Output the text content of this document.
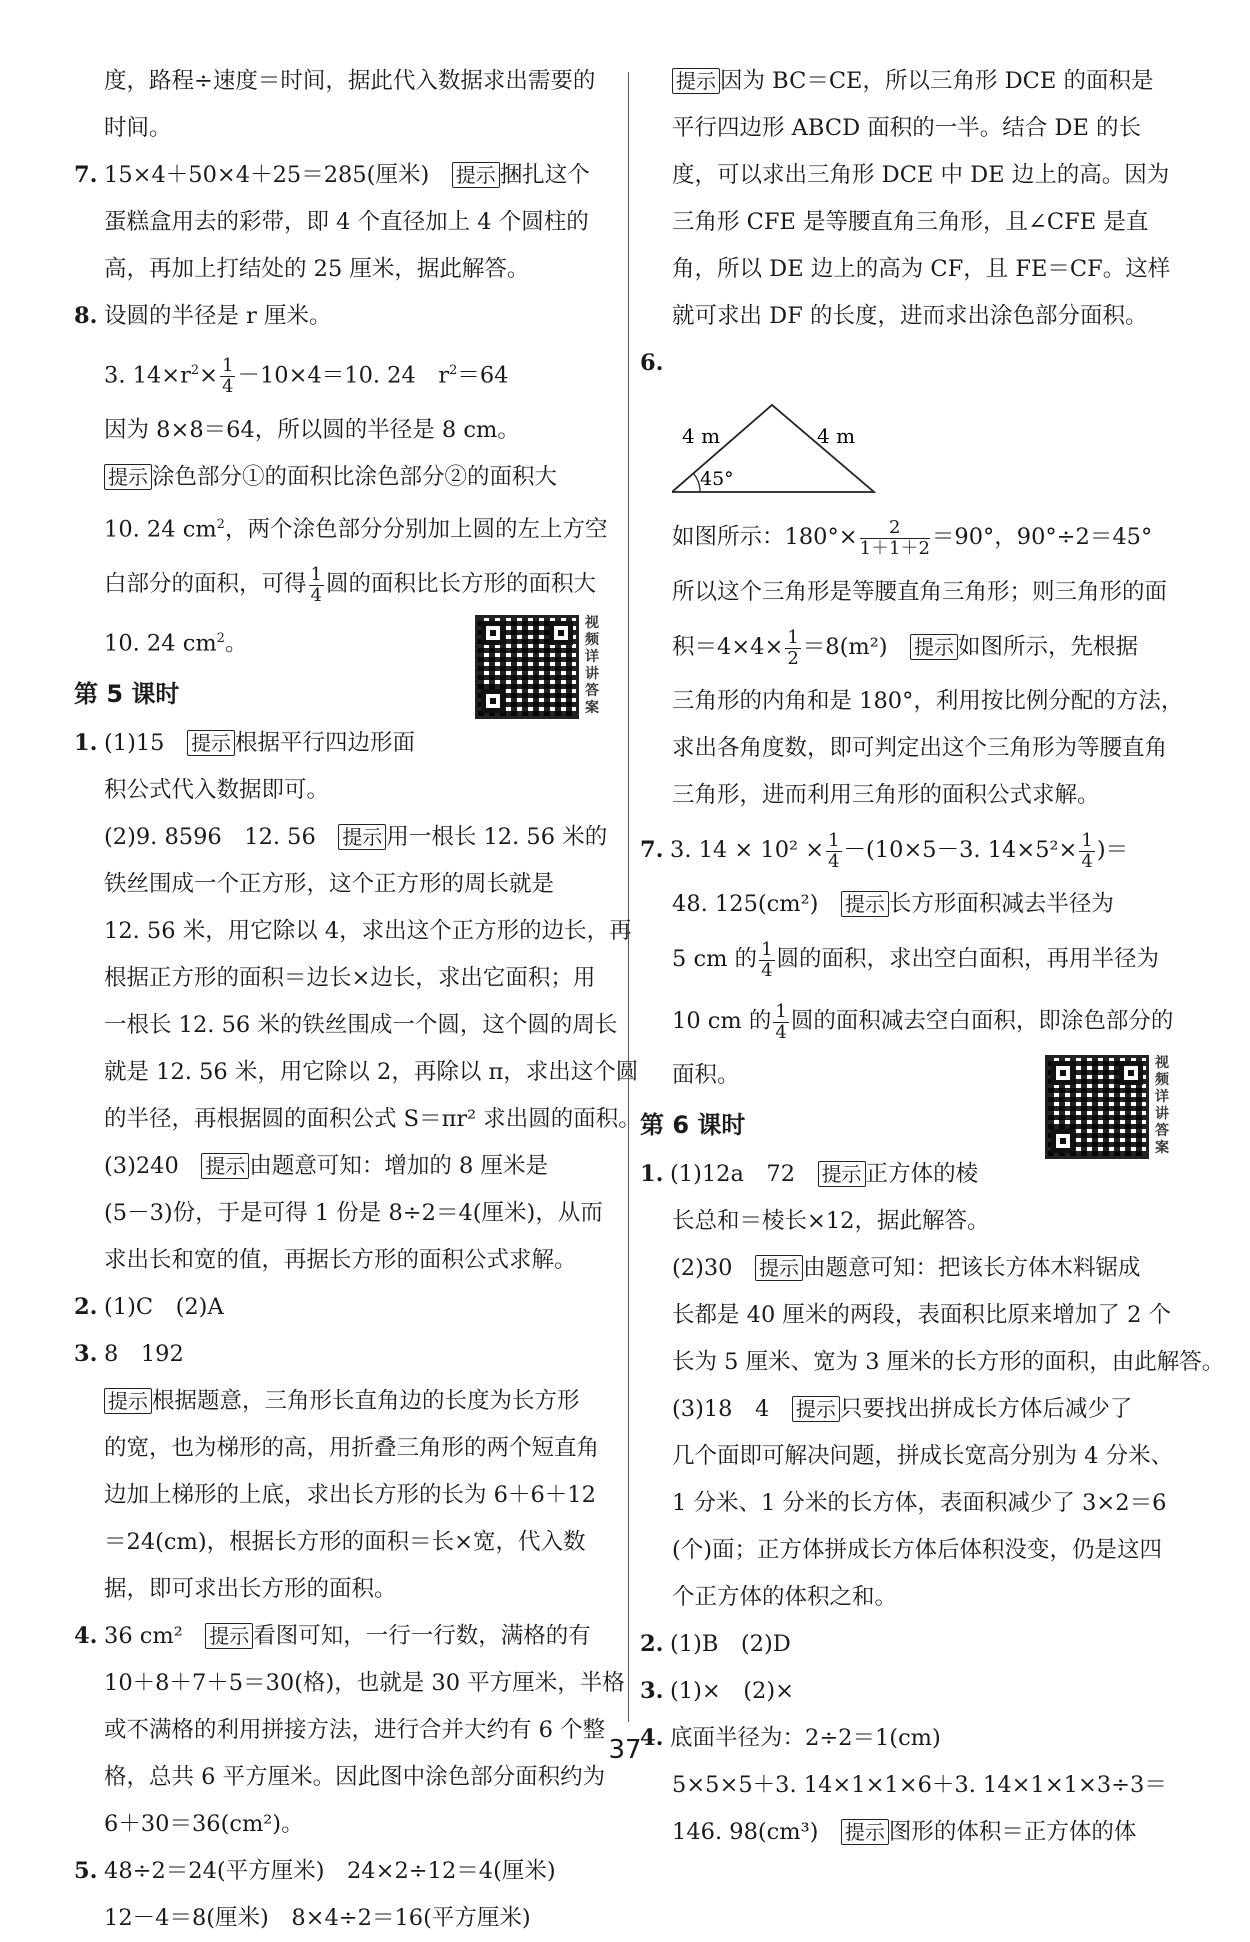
度，路程÷速度＝时间，据此代入数据求出需要的

时间。

7. 15×4＋50×4＋25＝285(厘米)　 提示 捆扎这个

蛋糕盒用去的彩带，即 4 个直径加上 4 个圆柱的

高，再加上打结处的 25 厘米，据此解答。

8. 设圆的半径是 r 厘米。

3. $14\times r^2\times \frac{1}{4} -10\times 4=10$. 24　$r^2=64$

因为 8×8＝64，所以圆的半径是 8 cm。

提示 涂色部分①的面积比涂色部分②的面积大

10. 24 $cm^2$，两个涂色部分分别加上圆的左上方空

白部分的面积，可得 $\frac{1}{4}$ 圆的面积比长方形的面积大

10. 24 $cm^2$。

第 5 课时

1. (1)15　 提示 根据平行四边形面

积公式代入数据即可。

(2)9. 8596　12. 56　 提示 用一根长 12. 56 米的

铁丝围成一个正方形，这个正方形的周长就是

12. 56 米，用它除以 4，求出这个正方形的边长，再

根据正方形的面积＝边长×边长，求出它面积；用

一根长 12. 56 米的铁丝围成一个圆，这个圆的周长

就是 12. 56 米，用它除以 2，再除以 π，求出这个圆

的半径，再根据圆的面积公式 S＝πr² 求出圆的面积。

(3)240　 提示 由题意可知：增加的 8 厘米是

(5－3)份，于是可得 1 份是 8÷2＝4(厘米)，从而

求出长和宽的值，再据长方形的面积公式求解。

2. (1)C　(2)A

3. 8　192

提示 根据题意，三角形长直角边的长度为长方形

的宽，也为梯形的高，用折叠三角形的两个短直角

边加上梯形的上底，求出长方形的长为 6＋6＋12

＝24(cm)，根据长方形的面积＝长×宽，代入数

据，即可求出长方形的面积。

4. 36 cm²　 提示 看图可知，一行一行数，满格的有

10＋8＋7＋5＝30(格)，也就是 30 平方厘米，半格

或不满格的利用拼接方法，进行合并大约有 6 个整

格，总共 6 平方厘米。因此图中涂色部分面积约为

6＋30＝36(cm²)。

5. 48÷2＝24(平方厘米)　24×2÷12＝4(厘米)

12－4＝8(厘米)　8×4÷2＝16(平方厘米)

视频详讲答案
视频详讲答案

提示 因为 BC＝CE，所以三角形 DCE 的面积是

平行四边形 ABCD 面积的一半。结合 DE 的长

度，可以求出三角形 DCE 中 DE 边上的高。因为

三角形 CFE 是等腰直角三角形，且∠CFE 是直

角，所以 DE 边上的高为 CF，且 FE＝CF。这样

就可求出 DF 的长度，进而求出涂色部分面积。

6.

4 m	4 m
45°

如图所示：$180^\circ\times \frac{2}{1+1+2} =90^\circ$，90°÷2＝45°

所以这个三角形是等腰直角三角形；则三角形的面

积$=4\times 4\times \frac{1}{2} =8(m^2)$　 提示 如图所示，先根据

三角形的内角和是 180°，利用按比例分配的方法，

求出各角度数，即可判定出这个三角形为等腰直角

三角形，进而利用三角形的面积公式求解。

7. 3. $14 \times 10^2 \times \frac{1}{4} -(10\times 5-3$. $14\times 5^2\times \frac{1}{4}$ )＝

48. 125(cm²)　 提示 长方形面积减去半径为

5 cm 的 $\frac{1}{4}$ 圆的面积，求出空白面积，再用半径为

10 cm 的 $\frac{1}{4}$ 圆的面积减去空白面积，即涂色部分的

面积。

第 6 课时

1. (1)12a　72　 提示 正方体的棱

长总和＝棱长×12，据此解答。

(2)30　 提示 由题意可知：把该长方体木料锯成

长都是 40 厘米的两段，表面积比原来增加了 2 个

长为 5 厘米、宽为 3 厘米的长方形的面积，由此解答。

(3)18　4　 提示 只要找出拼成长方体后减少了

几个面即可解决问题，拼成长宽高分别为 4 分米、

1 分米、1 分米的长方体，表面积减少了 3×2＝6

(个)面；正方体拼成长方体后体积没变，仍是这四

个正方体的体积之和。

2. (1)B　(2)D

3. (1)×　(2)×

4. 底面半径为：2÷2＝1(cm)

5×5×5＋3. 14×1×1×6＋3. 14×1×1×3÷3＝

146. 98(cm³)　 提示 图形的体积＝正方体的体

37
